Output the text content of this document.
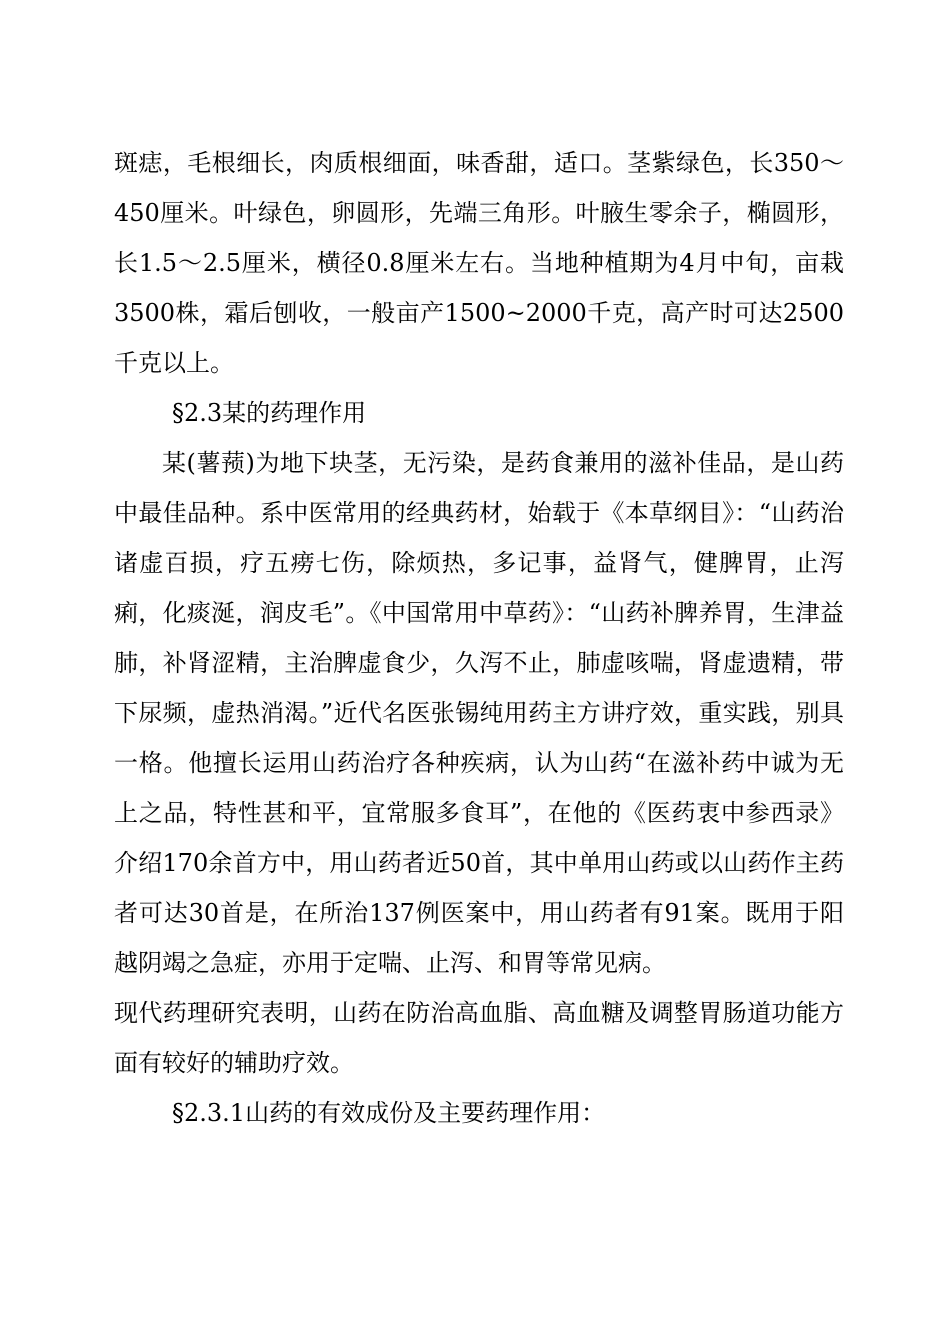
斑痣，毛根细长，肉质根细面，味香甜，适口。茎紫绿色，长350～450厘米。叶绿色，卵圆形，先端三角形。叶腋生零余子，椭圆形，长1.5～2.5厘米，横径0.8厘米左右。当地种植期为4月中旬，亩栽3500株，霜后刨收，一般亩产1500~2000千克，高产时可达2500千克以上。

§2.3某的药理作用

某(薯蓣)为地下块茎，无污染，是药食兼用的滋补佳品，是山药中最佳品种。系中医常用的经典药材，始载于《本草纲目》：“山药治诸虚百损，疗五痨七伤，除烦热，多记事，益肾气，健脾胃，止泻痢，化痰涎，润皮毛”。《中国常用中草药》：“山药补脾养胃，生津益肺，补肾涩精，主治脾虚食少，久泻不止，肺虚咳喘，肾虚遗精，带下尿频，虚热消渴。”近代名医张锡纯用药主方讲疗效，重实践，别具一格。他擅长运用山药治疗各种疾病，认为山药“在滋补药中诚为无上之品，特性甚和平，宜常服多食耳”，在他的《医药衷中参西录》介绍170余首方中，用山药者近50首，其中单用山药或以山药作主药者可达30首是，在所治137例医案中，用山药者有91案。既用于阳越阴竭之急症，亦用于定喘、止泻、和胃等常见病。

现代药理研究表明，山药在防治高血脂、高血糖及调整胃肠道功能方面有较好的辅助疗效。

§2.3.1山药的有效成份及主要药理作用：
